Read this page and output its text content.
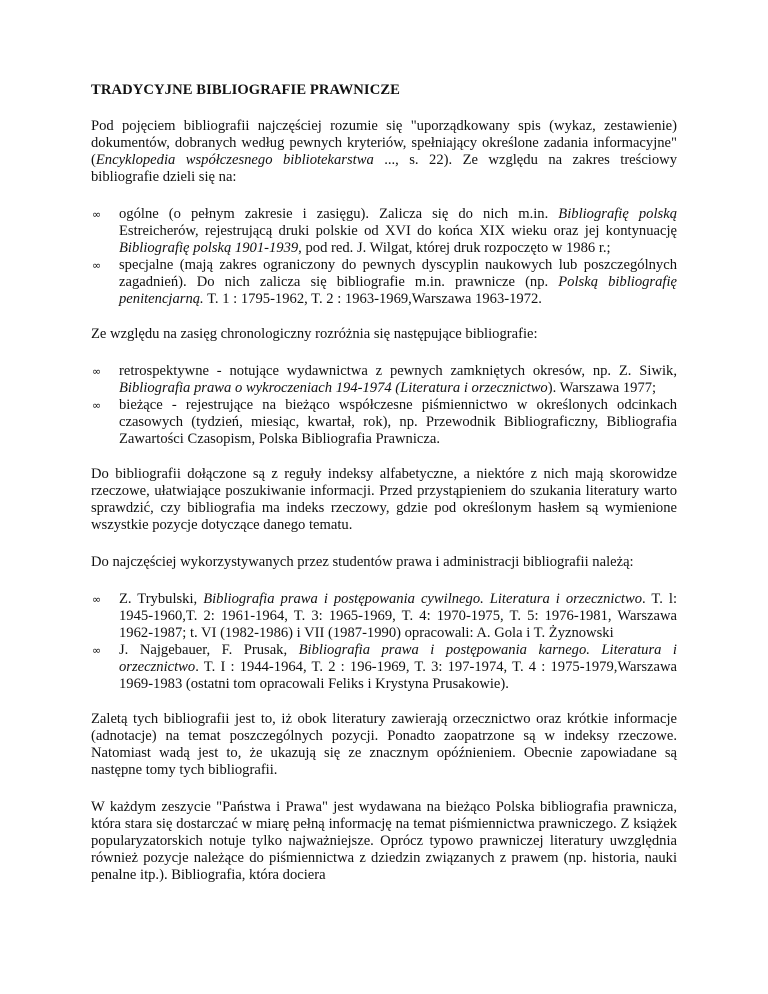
TRADYCYJNE BIBLIOGRAFIE PRAWNICZE

Pod pojęciem bibliografii najczęściej rozumie się "uporządkowany spis (wykaz, zestawienie) dokumentów, dobranych według pewnych kryteriów, spełniający określone zadania informacyjne" (Encyklopedia współczesnego bibliotekarstwa ..., s. 22). Ze względu na zakres treściowy bibliografie dzieli się na:

∞ ogólne (o pełnym zakresie i zasięgu). Zalicza się do nich m.in. Bibliografię polską Estreicherów, rejestrującą druki polskie od XVI do końca XIX wieku oraz jej kontynuację Bibliografię polską 1901-1939, pod red. J. Wilgat, której druk rozpoczęto w 1986 r.;
∞ specjalne (mają zakres ograniczony do pewnych dyscyplin naukowych lub poszczególnych zagadnień). Do nich zalicza się bibliografie m.in. prawnicze (np. Polską bibliografię penitencjarną. T. 1 : 1795-1962, T. 2 : 1963-1969,Warszawa 1963-1972.

Ze względu na zasięg chronologiczny rozróżnia się następujące bibliografie:

∞ retrospektywne - notujące wydawnictwa z pewnych zamkniętych okresów, np. Z. Siwik, Bibliografia prawa o wykroczeniach 194-1974 (Literatura i orzecznictwo). Warszawa 1977;
∞ bieżące - rejestrujące na bieżąco współczesne piśmiennictwo w określonych odcinkach czasowych (tydzień, miesiąc, kwartał, rok), np. Przewodnik Bibliograficzny, Bibliografia Zawartości Czasopism, Polska Bibliografia Prawnicza.

Do bibliografii dołączone są z reguły indeksy alfabetyczne, a niektóre z nich mają skorowidze rzeczowe, ułatwiające poszukiwanie informacji. Przed przystąpieniem do szukania literatury warto sprawdzić, czy bibliografia ma indeks rzeczowy, gdzie pod określonym hasłem są wymienione wszystkie pozycje dotyczące danego tematu.

Do najczęściej wykorzystywanych przez studentów prawa i administracji bibliografii należą:

∞ Z. Trybulski, Bibliografia prawa i postępowania cywilnego. Literatura i orzecznictwo. T. l: 1945-1960,T. 2: 1961-1964, T. 3: 1965-1969, T. 4: 1970-1975, T. 5: 1976-1981, Warszawa 1962-1987; t. VI (1982-1986) i VII (1987-1990) opracowali: A. Gola i T. Żyznowski
∞ J. Najgebauer, F. Prusak, Bibliografia prawa i postępowania karnego. Literatura i orzecznictwo. T. I : 1944-1964, T. 2 : 196-1969, T. 3: 197-1974, T. 4 : 1975-1979,Warszawa 1969-1983 (ostatni tom opracowali Feliks i Krystyna Prusakowie).

Zaletą tych bibliografii jest to, iż obok literatury zawierają orzecznictwo oraz krótkie informacje (adnotacje) na temat poszczególnych pozycji. Ponadto zaopatrzone są w indeksy rzeczowe. Natomiast wadą jest to, że ukazują się ze znacznym opóźnieniem. Obecnie zapowiadane są następne tomy tych bibliografii.

W każdym zeszycie "Państwa i Prawa" jest wydawana na bieżąco Polska bibliografia prawnicza, która stara się dostarczać w miarę pełną informację na temat piśmiennictwa prawniczego. Z książek popularyzatorskich notuje tylko najważniejsze. Oprócz typowo prawniczej literatury uwzględnia również pozycje należące do piśmiennictwa z dziedzin związanych z prawem (np. historia, nauki penalne itp.). Bibliografia, która dociera
